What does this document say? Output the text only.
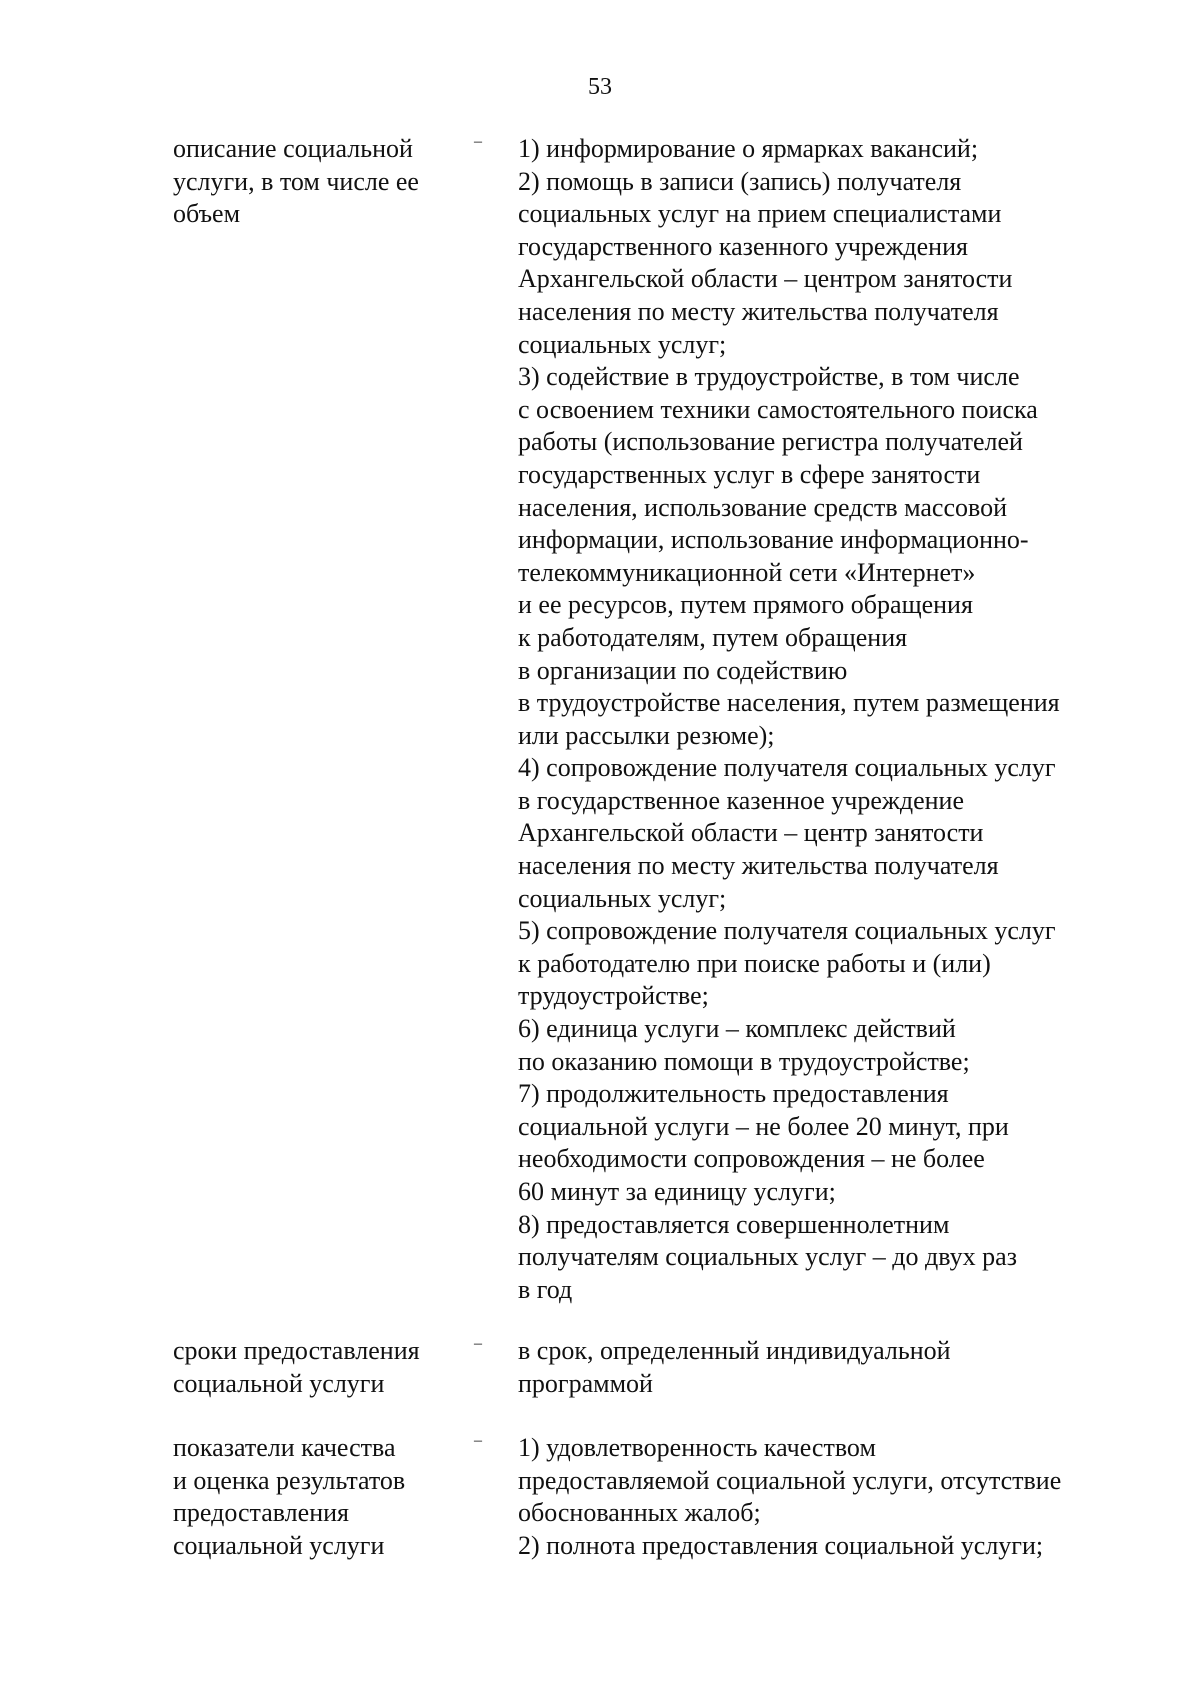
53
описание социальной
услуги, в том числе ее
объем
– 1) информирование о ярмарках вакансий;
2) помощь в записи (запись) получателя
социальных услуг на прием специалистами
государственного казенного учреждения
Архангельской области – центром занятости
населения по месту жительства получателя
социальных услуг;
3) содействие в трудоустройстве, в том числе
с освоением техники самостоятельного поиска
работы (использование регистра получателей
государственных услуг в сфере занятости
населения, использование средств массовой
информации, использование информационно-
телекоммуникационной сети «Интернет»
и ее ресурсов, путем прямого обращения
к работодателям, путем обращения
в организации по содействию
в трудоустройстве населения, путем размещения
или рассылки резюме);
4) сопровождение получателя социальных услуг
в государственное казенное учреждение
Архангельской области – центр занятости
населения по месту жительства получателя
социальных услуг;
5) сопровождение получателя социальных услуг
к работодателю при поиске работы и (или)
трудоустройстве;
6) единица услуги – комплекс действий
по оказанию помощи в трудоустройстве;
7) продолжительность предоставления
социальной услуги – не более 20 минут, при
необходимости сопровождения – не более
60 минут за единицу услуги;
8) предоставляется совершеннолетним
получателям социальных услуг – до двух раз
в год
сроки предоставления
социальной услуги
– в срок, определенный индивидуальной
программой
показатели качества
и оценка результатов
предоставления
социальной услуги
– 1) удовлетворенность качеством
предоставляемой социальной услуги, отсутствие
обоснованных жалоб;
2) полнота предоставления социальной услуги;
